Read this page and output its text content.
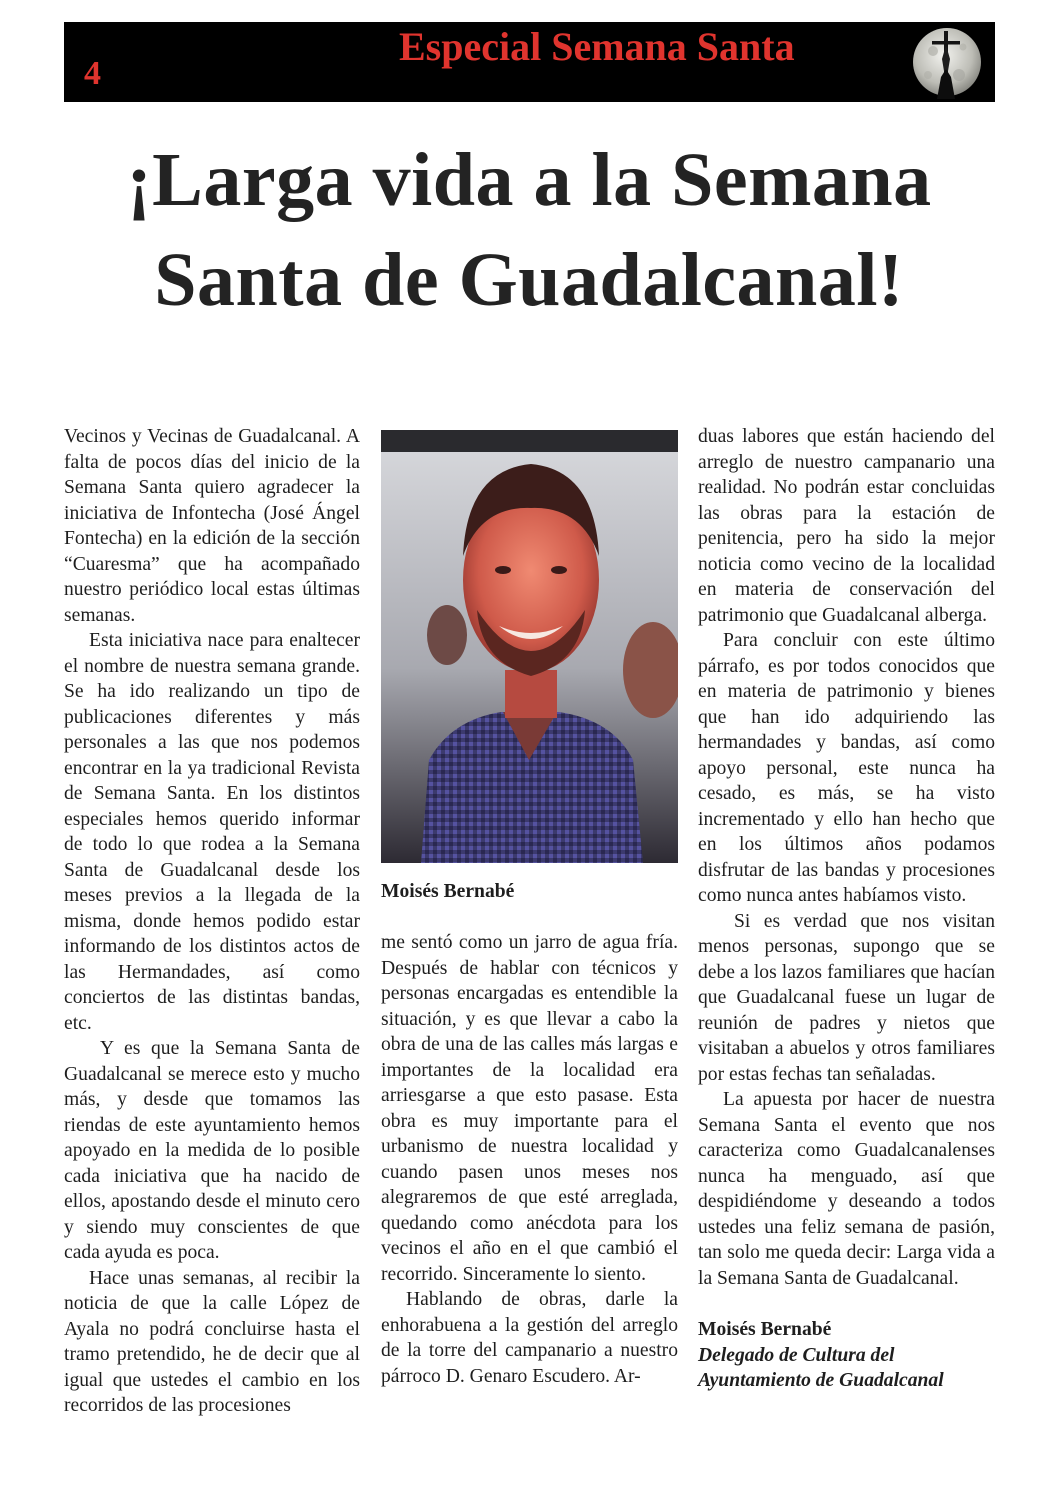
4
Especial Semana Santa
¡Larga vida a la Semana
Santa de Guadalcanal!

Vecinos y Vecinas de Guadalcanal. A falta de pocos días del inicio de la Semana Santa quiero agradecer la iniciativa de Infontecha (José Ángel Fontecha) en la edición de la sección “Cuaresma” que ha acompañado nuestro periódico local estas últimas semanas.

Esta iniciativa nace para enaltecer el nombre de nuestra semana grande. Se ha ido realizando un tipo de publicaciones diferentes y más personales a las que nos podemos encontrar en la ya tradicional Revista de Semana Santa. En los distintos especiales hemos querido informar de todo lo que rodea a la Semana Santa de Guadalcanal desde los meses previos a la llegada de la misma, donde hemos podido estar informando de los distintos actos de las Hermandades, así como conciertos de las distintas bandas, etc.

Y es que la Semana Santa de Guadalcanal se merece esto y mucho más, y desde que tomamos las riendas de este ayuntamiento hemos apoyado en la medida de lo posible cada iniciativa que ha nacido de ellos, apostando desde el minuto cero y siendo muy conscientes de que cada ayuda es poca.

Hace unas semanas, al recibir la noticia de que la calle López de Ayala no podrá concluirse hasta el tramo pretendido, he de decir que al igual que ustedes el cambio en los recorridos de las procesiones

Moisés Bernabé

me sentó como un jarro de agua fría. Después de hablar con técnicos y personas encargadas es entendible la situación, y es que llevar a cabo la obra de una de las calles más largas e importantes de la localidad era arriesgarse a que esto pasase. Esta obra es muy importante para el urbanismo de nuestra localidad y cuando pasen unos meses nos alegraremos de que esté arreglada, quedando como anécdota para los vecinos el año en el que cambió el recorrido. Sinceramente lo siento.

Hablando de obras, darle la enhorabuena a la gestión del arreglo de la torre del campanario a nuestro párroco D. Genaro Escudero. Ar-

duas labores que están haciendo del arreglo de nuestro campanario una realidad. No podrán estar concluidas las obras para la estación de penitencia, pero ha sido la mejor noticia como vecino de la localidad en materia de conservación del patrimonio que Guadalcanal alberga.

Para concluir con este último párrafo, es por todos conocidos que en materia de patrimonio y bienes que han ido adquiriendo las hermandades y bandas, así como apoyo personal, este nunca ha cesado, es más, se ha visto incrementado y ello han hecho que en los últimos años podamos disfrutar de las bandas y procesiones como nunca antes habíamos visto.

Si es verdad que nos visitan menos personas, supongo que se debe a los lazos familiares que hacían que Guadalcanal fuese un lugar de reunión de padres y nietos que visitaban a abuelos y otros familiares por estas fechas tan señaladas.

La apuesta por hacer de nuestra Semana Santa el evento que nos caracteriza como Guadalcanalenses nunca ha menguado, así que despidiéndome y deseando a todos ustedes una feliz semana de pasión, tan solo me queda decir: Larga vida a la Semana Santa de Guadalcanal.

Moisés Bernabé
Delegado de Cultura del
Ayuntamiento de Guadalcanal
